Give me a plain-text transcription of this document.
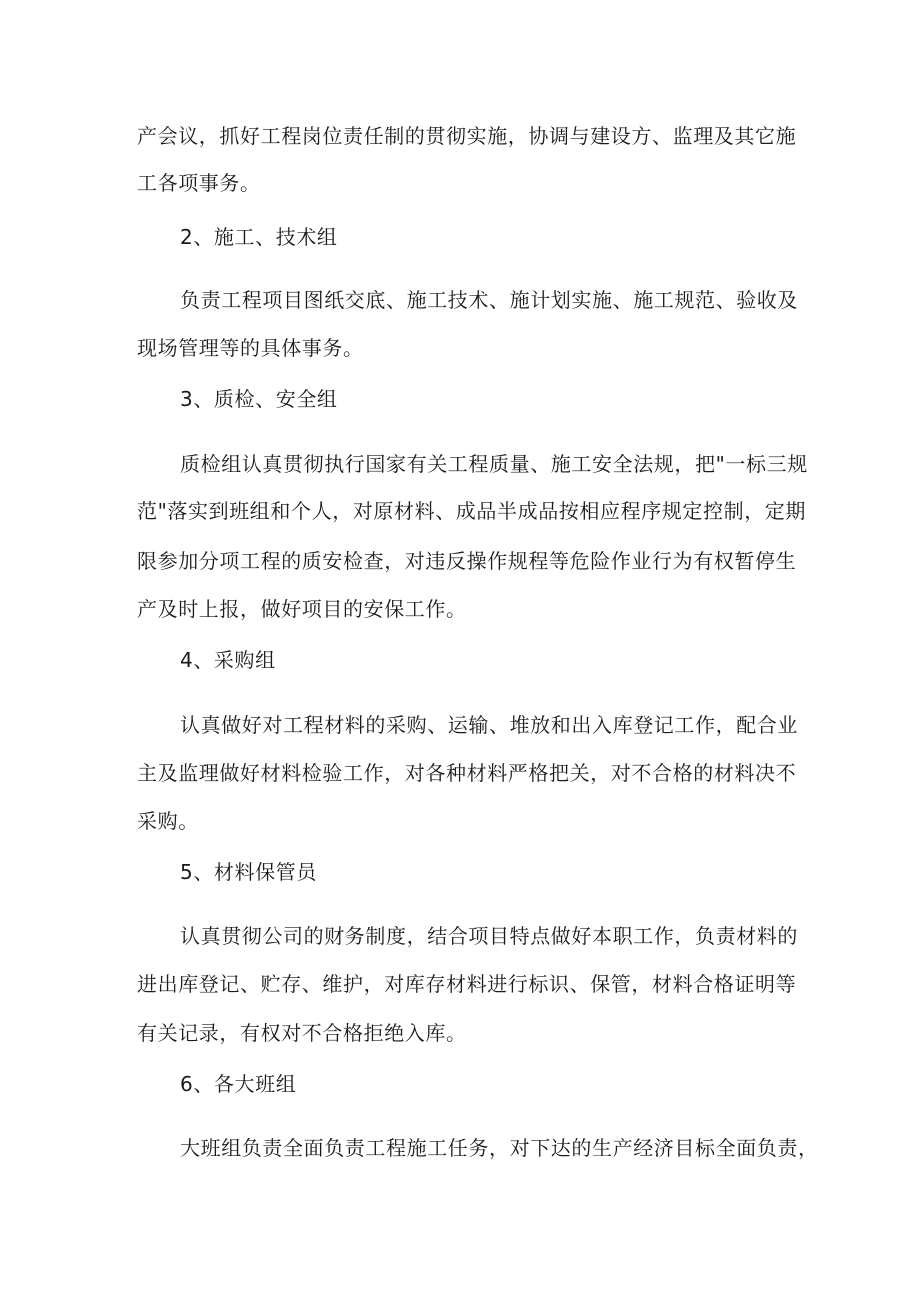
产会议，抓好工程岗位责任制的贯彻实施，协调与建设方、监理及其它施
工各项事务。
2、施工、技术组
负责工程项目图纸交底、施工技术、施计划实施、施工规范、验收及
现场管理等的具体事务。
3、质检、安全组
质检组认真贯彻执行国家有关工程质量、施工安全法规，把"一标三规
范"落实到班组和个人，对原材料、成品半成品按相应程序规定控制，定期
限参加分项工程的质安检查，对违反操作规程等危险作业行为有权暂停生
产及时上报，做好项目的安保工作。
4、采购组
认真做好对工程材料的采购、运输、堆放和出入库登记工作，配合业
主及监理做好材料检验工作，对各种材料严格把关，对不合格的材料决不
采购。
5、材料保管员
认真贯彻公司的财务制度，结合项目特点做好本职工作，负责材料的
进出库登记、贮存、维护，对库存材料进行标识、保管，材料合格证明等
有关记录，有权对不合格拒绝入库。
6、各大班组
大班组负责全面负责工程施工任务，对下达的生产经济目标全面负责，
